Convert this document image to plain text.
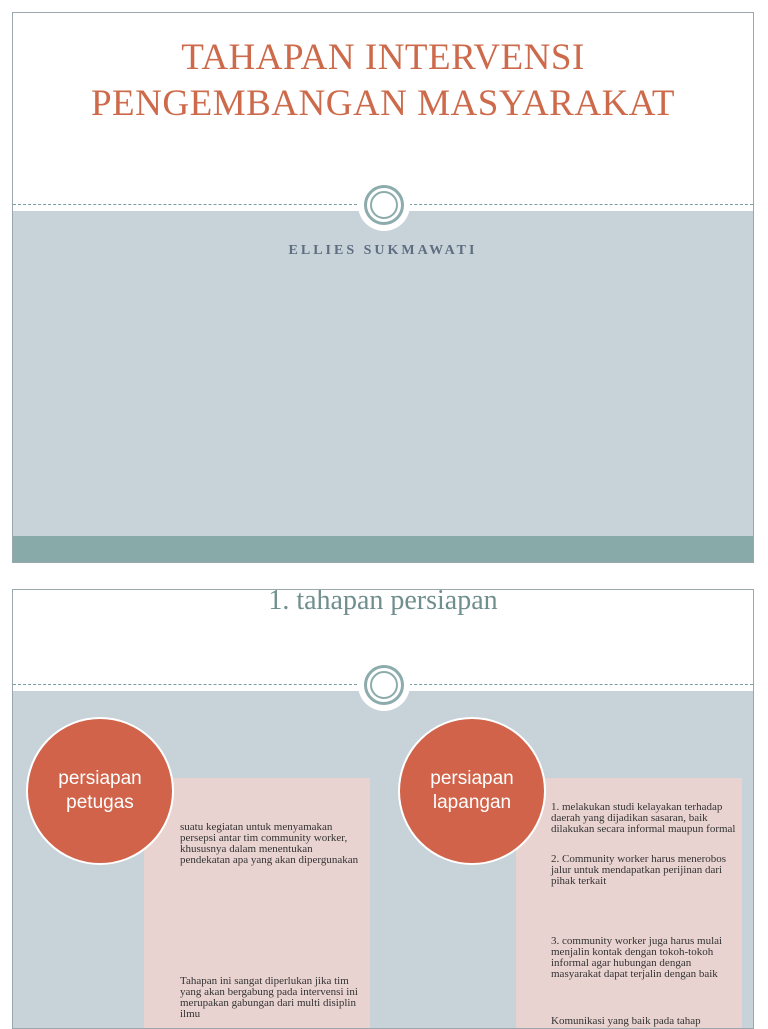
TAHAPAN INTERVENSI
PENGEMBANGAN MASYARAKAT
ELLIES SUKMAWATI
1. tahapan persiapan
persiapan
petugas
suatu kegiatan untuk menyamakan persepsi antar tim community worker, khususnya dalam menentukan pendekatan apa yang akan dipergunakan
Tahapan ini sangat diperlukan jika tim yang akan bergabung pada intervensi ini merupakan gabungan dari multi disiplin ilmu
persiapan
lapangan	1. melakukan studi kelayakan terhadap daerah yang dijadikan sasaran, baik dilakukan secara informal maupun formal
2. Community worker harus menerobos jalur untuk mendapatkan perijinan dari pihak terkait
3. community worker juga harus mulai menjalin kontak dengan tokoh-tokoh informal agar hubungan dengan masyarakat dapat terjalin dengan baik
Komunikasi yang baik pada tahap
